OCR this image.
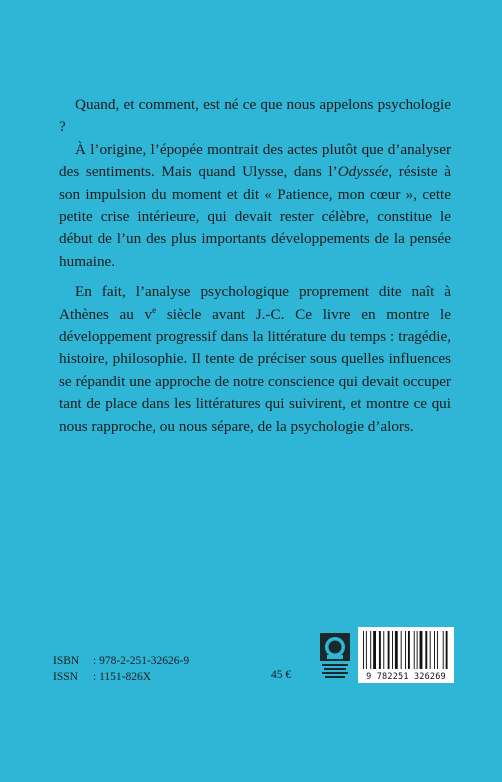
Quand, et comment, est né ce que nous appelons psychologie ?

À l’origine, l’épopée montrait des actes plutôt que d’analyser des sentiments. Mais quand Ulysse, dans l’Odyssée, résiste à son impulsion du moment et dit « Patience, mon cœur », cette petite crise intérieure, qui devait rester célèbre, constitue le début de l’un des plus importants développements de la pensée humaine.

En fait, l’analyse psychologique proprement dite naît à Athènes au $v^e$ siècle avant J.-C. Ce livre en montre le développement progressif dans la littérature du temps : tragédie, histoire, philosophie. Il tente de préciser sous quelles influences se répandit une approche de notre conscience qui devait occuper tant de place dans les littératures qui suivirent, et montre ce qui nous rapproche, ou nous sépare, de la psychologie d’alors.

ISBN : 978-2-251-32626-9
ISSN : 1151-826X	45 €	9 782251 326269
